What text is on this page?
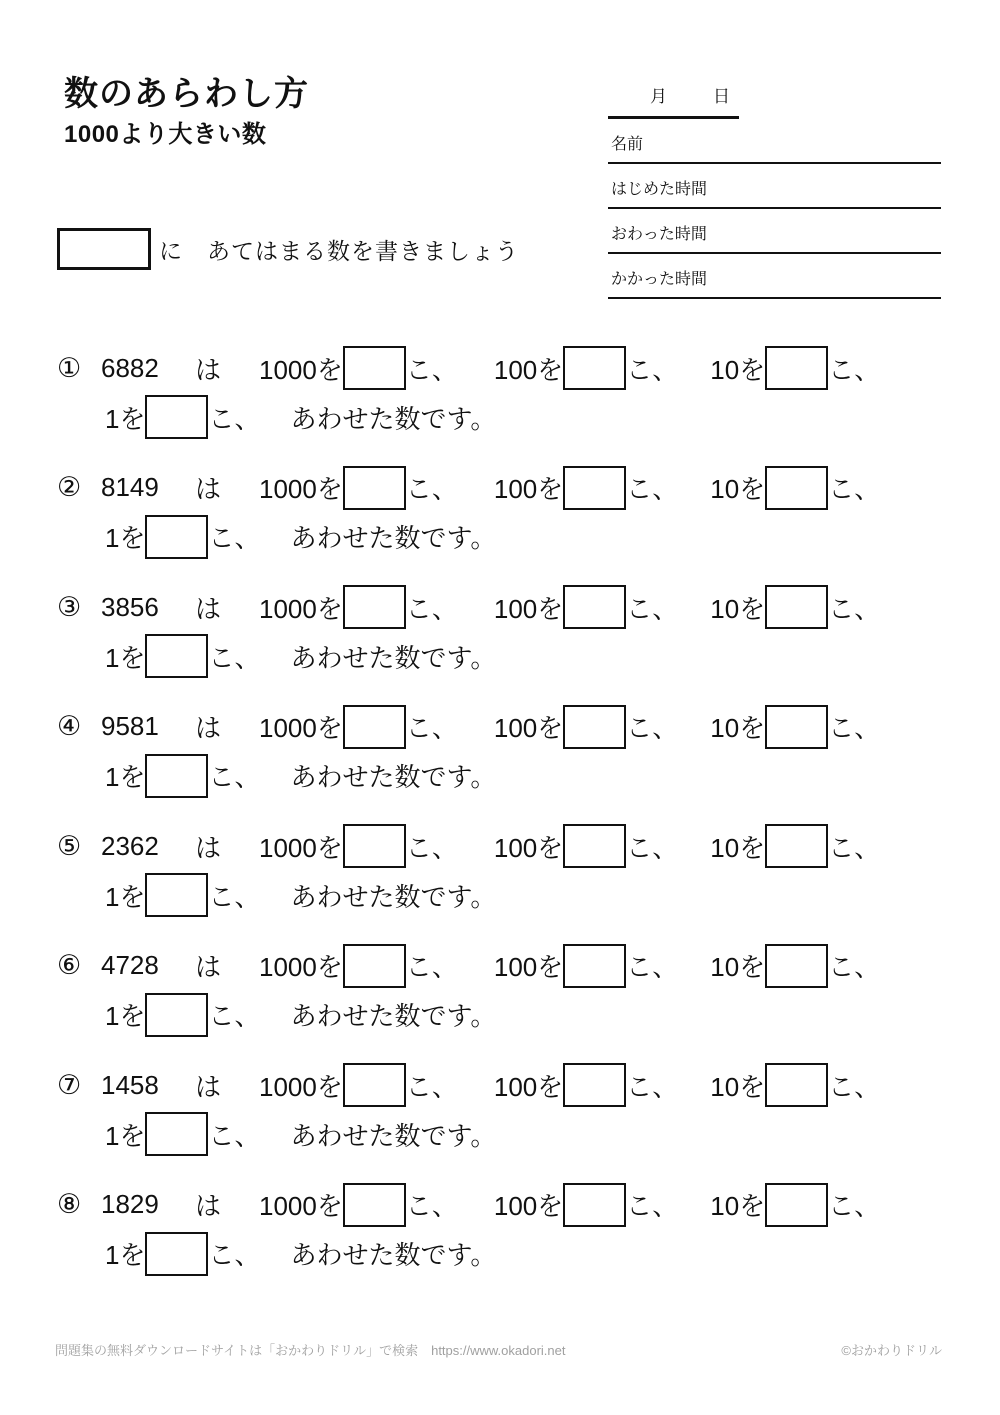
数のあらわし方
1000より大きい数
月	日
名前
はじめた時間
おわった時間
かかった時間
に　あてはまる数を書きましょう
① 6882	は 1000を こ、 100を こ、 10を こ、
1を こ、 あわせた数です。
② 8149	は 1000を こ、 100を こ、 10を こ、
1を こ、 あわせた数です。
③ 3856	は 1000を こ、 100を こ、 10を こ、
1を こ、 あわせた数です。
④ 9581	は 1000を こ、 100を こ、 10を こ、
1を こ、 あわせた数です。
⑤ 2362	は 1000を こ、 100を こ、 10を こ、
1を こ、 あわせた数です。
⑥ 4728	は 1000を こ、 100を こ、 10を こ、
1を こ、 あわせた数です。
⑦ 1458	は 1000を こ、 100を こ、 10を こ、
1を こ、 あわせた数です。
⑧ 1829	は 1000を こ、 100を こ、 10を こ、
1を こ、 あわせた数です。
問題集の無料ダウンロードサイトは「おかわりドリル」で検索　https://www.okadori.net	©おかわりドリル
